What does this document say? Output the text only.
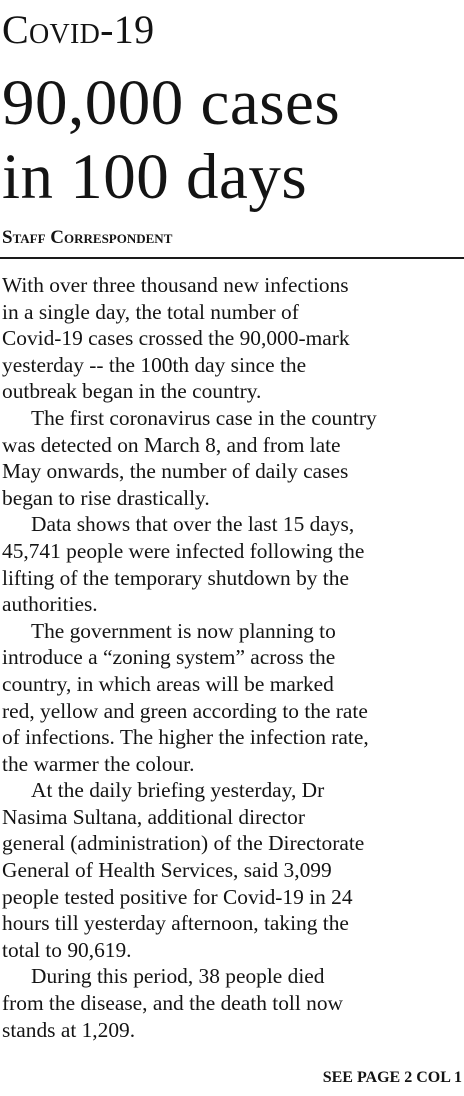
Covid-19
90,000 cases
in 100 days
Staff Correspondent

With over three thousand new infections

in a single day, the total number of

Covid-19 cases crossed the 90,000-mark

yesterday -- the 100th day since the

outbreak began in the country.

The first coronavirus case in the country

was detected on March 8, and from late

May onwards, the number of daily cases

began to rise drastically.

Data shows that over the last 15 days,

45,741 people were infected following the

lifting of the temporary shutdown by the

authorities.

The government is now planning to

introduce a “zoning system” across the

country, in which areas will be marked

red, yellow and green according to the rate

of infections. The higher the infection rate,

the warmer the colour.

At the daily briefing yesterday, Dr

Nasima Sultana, additional director

general (administration) of the Directorate

General of Health Services, said 3,099

people tested positive for Covid-19 in 24

hours till yesterday afternoon, taking the

total to 90,619.

During this period, 38 people died

from the disease, and the death toll now

stands at 1,209.

SEE PAGE 2 COL 1
